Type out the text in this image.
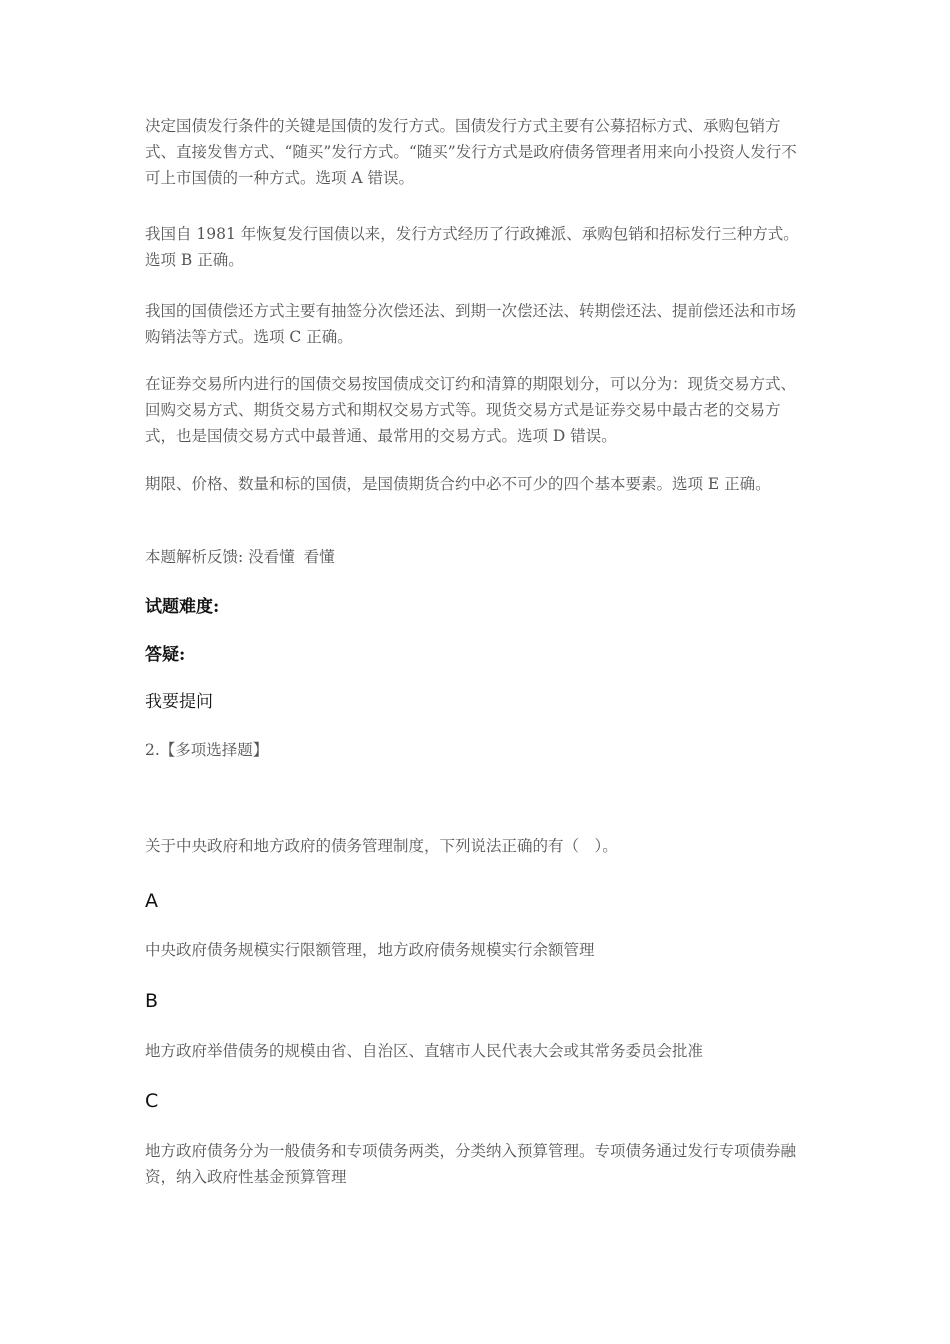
决定国债发行条件的关键是国债的发行方式。国债发行方式主要有公募招标方式、承购包销方式、直接发售方式、“随买”发行方式。“随买”发行方式是政府债务管理者用来向小投资人发行不可上市国债的一种方式。选项 A 错误。

我国自 1981 年恢复发行国债以来，发行方式经历了行政摊派、承购包销和招标发行三种方式。选项 B 正确。

我国的国债偿还方式主要有抽签分次偿还法、到期一次偿还法、转期偿还法、提前偿还法和市场购销法等方式。选项 C 正确。

在证券交易所内进行的国债交易按国债成交订约和清算的期限划分，可以分为：现货交易方式、回购交易方式、期货交易方式和期权交易方式等。现货交易方式是证券交易中最古老的交易方式，也是国债交易方式中最普通、最常用的交易方式。选项 D 错误。

期限、价格、数量和标的国债，是国债期货合约中必不可少的四个基本要素。选项 E 正确。

本题解析反馈: 没看懂 看懂
试题难度:
答疑:
我要提问
2.【多项选择题】

关于中央政府和地方政府的债务管理制度，下列说法正确的有（　）。

A

中央政府债务规模实行限额管理，地方政府债务规模实行余额管理

B

地方政府举借债务的规模由省、自治区、直辖市人民代表大会或其常务委员会批准

C

地方政府债务分为一般债务和专项债务两类，分类纳入预算管理。专项债务通过发行专项债券融资，纳入政府性基金预算管理
